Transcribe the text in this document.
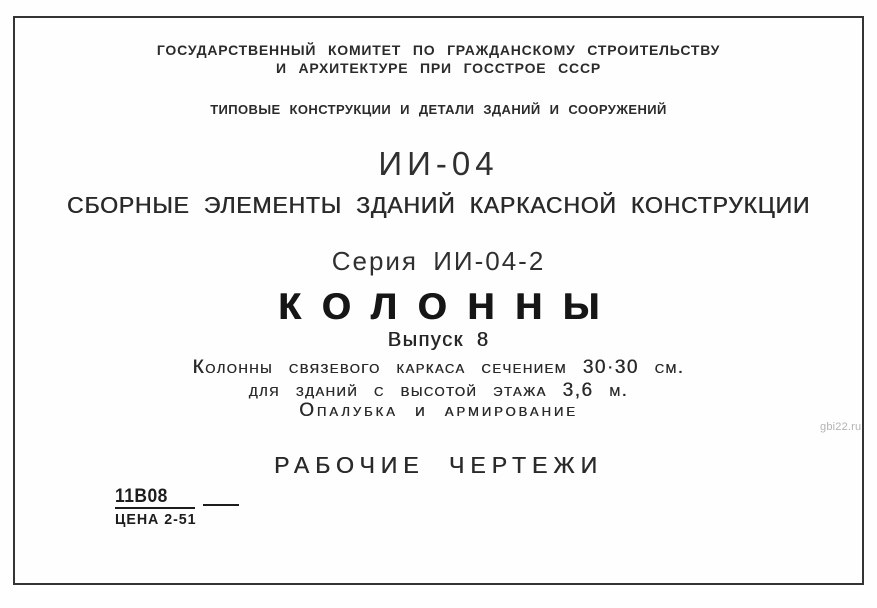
ГОСУДАРСТВЕННЫЙ КОМИТЕТ ПО ГРАЖДАНСКОМУ СТРОИТЕЛЬСТВУ
И АРХИТЕКТУРЕ ПРИ ГОССТРОЕ СССР
ТИПОВЫЕ КОНСТРУКЦИИ И ДЕТАЛИ ЗДАНИЙ И СООРУЖЕНИЙ
ИИ-04
СБОРНЫЕ ЭЛЕМЕНТЫ ЗДАНИЙ КАРКАСНОЙ КОНСТРУКЦИИ
Серия ИИ-04-2
КОЛОННЫ
Выпуск 8
Колонны связевого каркаса сечением 30·30 см.
для зданий с высотой этажа 3,6 м.
Опалубка и армирование
РАБОЧИЕ ЧЕРТЕЖИ
11В08
ЦЕНА 2-51
gbi22.ru
